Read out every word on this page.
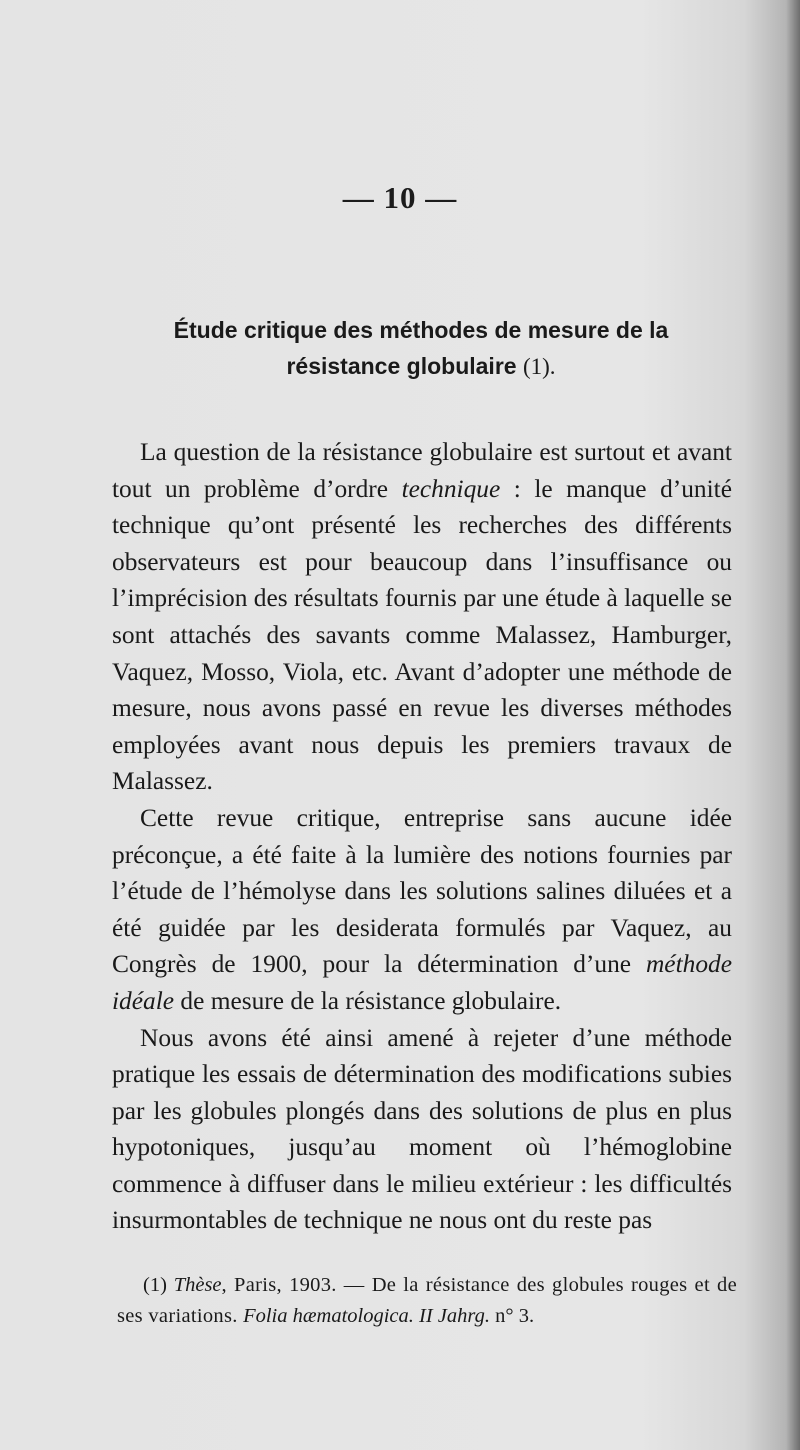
— 10 —
Étude critique des méthodes de mesure de la
résistance globulaire (1).

La question de la résistance globulaire est surtout et avant tout un problème d’ordre technique : le manque d’unité technique qu’ont présenté les recherches des différents observateurs est pour beaucoup dans l’insuffisance ou l’imprécision des résultats fournis par une étude à laquelle se sont attachés des savants comme Malassez, Hamburger, Vaquez, Mosso, Viola, etc. Avant d’adopter une méthode de mesure, nous avons passé en revue les diverses méthodes employées avant nous depuis les premiers travaux de Malassez.

Cette revue critique, entreprise sans aucune idée préconçue, a été faite à la lumière des notions fournies par l’étude de l’hémolyse dans les solutions salines diluées et a été guidée par les desiderata formulés par Vaquez, au Congrès de 1900, pour la détermination d’une méthode idéale de mesure de la résistance globulaire.

Nous avons été ainsi amené à rejeter d’une méthode pratique les essais de détermination des modifications subies par les globules plongés dans des solutions de plus en plus hypotoniques, jusqu’au moment où l’hémoglobine commence à diffuser dans le milieu extérieur : les difficultés insurmontables de technique ne nous ont du reste pas

(1) Thèse, Paris, 1903. — De la résistance des globules rouges et de ses variations. Folia hæmatologica. II Jahrg. n° 3.
